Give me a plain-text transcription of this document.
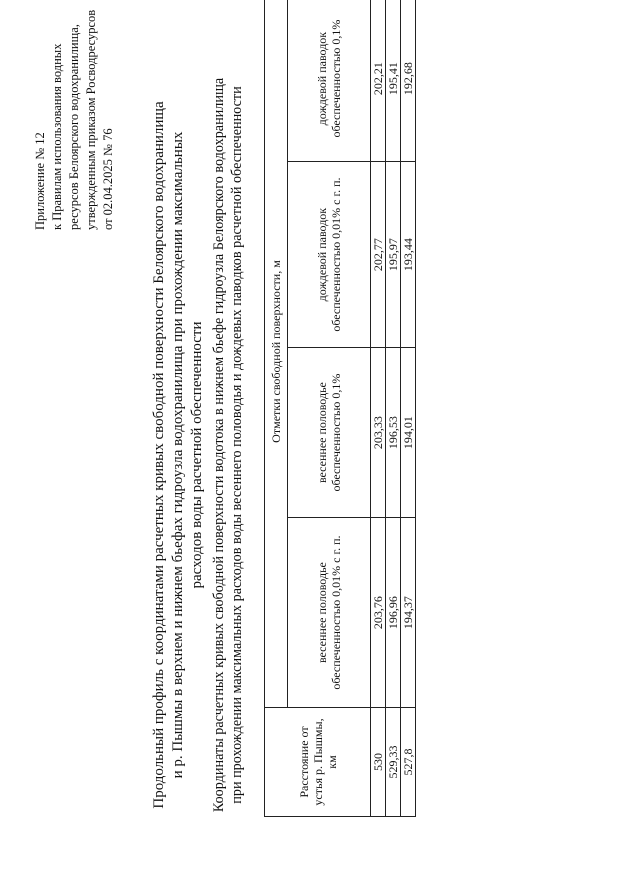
Приложение № 12 к Правилам использования водных ресурсов Белоярского водохранилища, утвержденным приказом Росводресурсов от 02.04.2025 № 76 Продольный профиль с координатами расчетных кривых свободной поверхности Белоярского водохранилища и р. Пышмы в верхнем и нижнем бьефах гидроузла водохранилища при прохождении максимальных расходов воды расчетной обеспеченности Координаты расчетных кривых свободной поверхности водотока в нижнем бьефе гидроузла Белоярского водохранилища при прохождении максимальных расходов воды весеннего половодья и дождевых паводков расчетной обеспеченности	Расстояние от устья р. Пышмы, км	Отметки свободной поверхности, м			
	весеннее половодье обеспеченностью 0,01% с г. п.	весеннее половодье обеспеченностью 0,1%	дождевой паводок обеспеченностью 0,01% с г. п.	дождевой паводок обеспеченностью 0,1%
530	203,76	203,33	202,77	202,21
529,33	196,96	196,53	195,97	195,41
527,8	194,37	194,01	193,44	192,68
